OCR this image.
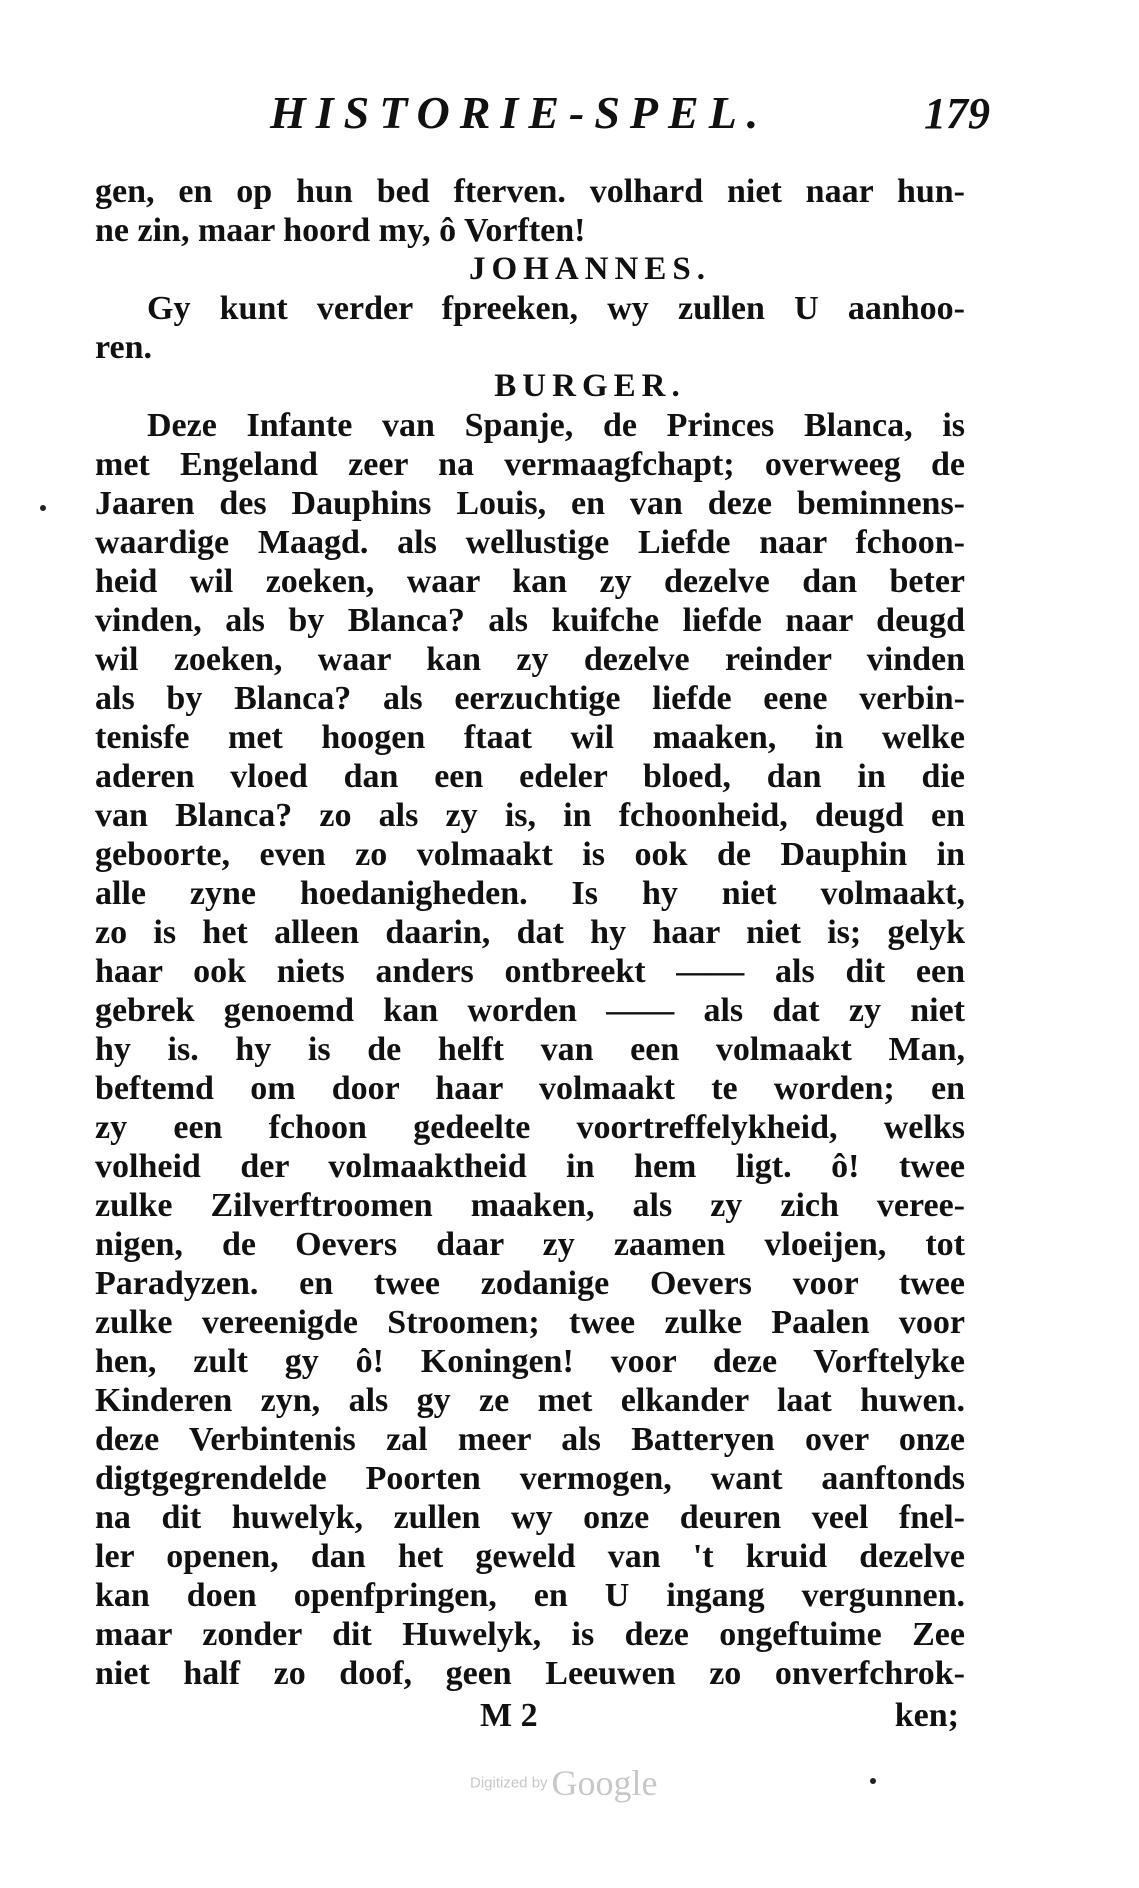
HISTORIE-SPEL.	179
gen, en op hun bed fterven. volhard niet naar hun-
ne zin, maar hoord my, ô Vorften!
JOHANNES.
Gy kunt verder fpreeken, wy zullen U aanhoo-
ren.
BURGER.
Deze Infante van Spanje, de Princes Blanca, is
met Engeland zeer na vermaagfchapt; overweeg de
Jaaren des Dauphins Louis, en van deze beminnens-
waardige Maagd. als wellustige Liefde naar fchoon-
heid wil zoeken, waar kan zy dezelve dan beter
vinden, als by Blanca? als kuifche liefde naar deugd
wil zoeken, waar kan zy dezelve reinder vinden
als by Blanca? als eerzuchtige liefde eene verbin-
tenisfe met hoogen ftaat wil maaken, in welke
aderen vloed dan een edeler bloed, dan in die
van Blanca? zo als zy is, in fchoonheid, deugd en
geboorte, even zo volmaakt is ook de Dauphin in
alle zyne hoedanigheden. Is hy niet volmaakt,
zo is het alleen daarin, dat hy haar niet is; gelyk
haar ook niets anders ontbreekt —— als dit een
gebrek genoemd kan worden —— als dat zy niet
hy is. hy is de helft van een volmaakt Man,
beftemd om door haar volmaakt te worden; en
zy een fchoon gedeelte voortreffelykheid, welks
volheid der volmaaktheid in hem ligt. ô! twee
zulke Zilverftroomen maaken, als zy zich veree-
nigen, de Oevers daar zy zaamen vloeijen, tot
Paradyzen. en twee zodanige Oevers voor twee
zulke vereenigde Stroomen; twee zulke Paalen voor
hen, zult gy ô! Koningen! voor deze Vorftelyke
Kinderen zyn, als gy ze met elkander laat huwen.
deze Verbintenis zal meer als Batteryen over onze
digtgegrendelde Poorten vermogen, want aanftonds
na dit huwelyk, zullen wy onze deuren veel fnel-
ler openen, dan het geweld van 't kruid dezelve
kan doen openfpringen, en U ingang vergunnen.
maar zonder dit Huwelyk, is deze ongeftuime Zee
niet half zo doof, geen Leeuwen zo onverfchrok-
M 2	ken;
Digitized by Google
